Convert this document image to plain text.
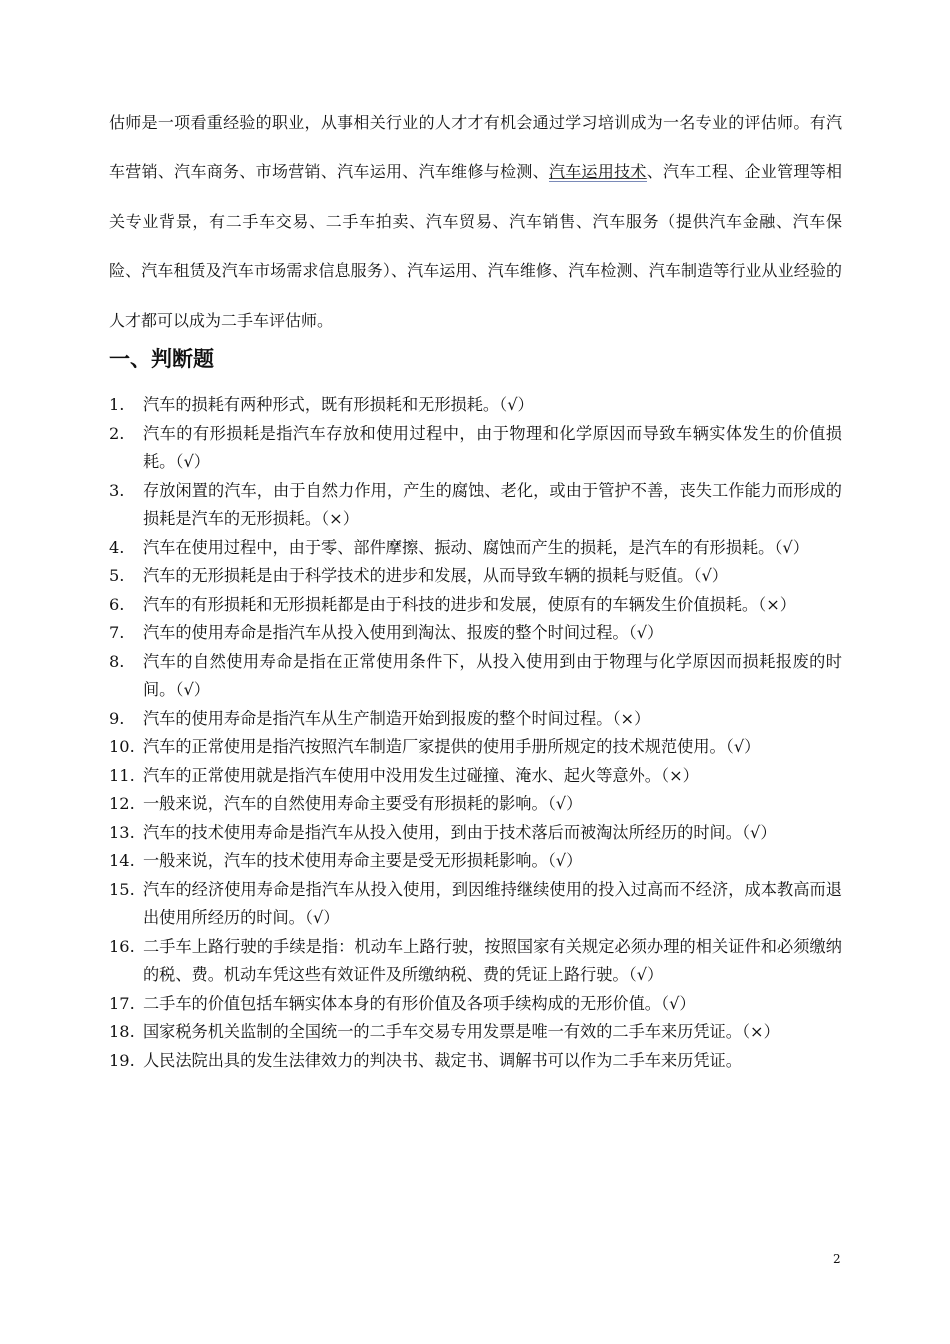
估师是一项看重经验的职业，从事相关行业的人才才有机会通过学习培训成为一名专业的评估师。有汽车营销、汽车商务、市场营销、汽车运用、汽车维修与检测、汽车运用技术、汽车工程、企业管理等相关专业背景，有二手车交易、二手车拍卖、汽车贸易、汽车销售、汽车服务（提供汽车金融、汽车保险、汽车租赁及汽车市场需求信息服务）、汽车运用、汽车维修、汽车检测、汽车制造等行业从业经验的人才都可以成为二手车评估师。

一、判断题
1.	汽车的损耗有两种形式，既有形损耗和无形损耗。（√）
2.	汽车的有形损耗是指汽车存放和使用过程中，由于物理和化学原因而导致车辆实体发生的价值损耗。（√）
3.	存放闲置的汽车，由于自然力作用，产生的腐蚀、老化，或由于管护不善，丧失工作能力而形成的损耗是汽车的无形损耗。（×）
4.	汽车在使用过程中，由于零、部件摩擦、振动、腐蚀而产生的损耗，是汽车的有形损耗。（√）
5.	汽车的无形损耗是由于科学技术的进步和发展，从而导致车辆的损耗与贬值。（√）
6.	汽车的有形损耗和无形损耗都是由于科技的进步和发展，使原有的车辆发生价值损耗。（×）
7.	汽车的使用寿命是指汽车从投入使用到淘汰、报废的整个时间过程。（√）
8.	汽车的自然使用寿命是指在正常使用条件下，从投入使用到由于物理与化学原因而损耗报废的时间。（√）
9.	汽车的使用寿命是指汽车从生产制造开始到报废的整个时间过程。（×）
10. 汽车的正常使用是指汽按照汽车制造厂家提供的使用手册所规定的技术规范使用。（√）
11. 汽车的正常使用就是指汽车使用中没用发生过碰撞、淹水、起火等意外。（×）
12. 一般来说，汽车的自然使用寿命主要受有形损耗的影响。（√）
13. 汽车的技术使用寿命是指汽车从投入使用，到由于技术落后而被淘汰所经历的时间。（√）
14. 一般来说，汽车的技术使用寿命主要是受无形损耗影响。（√）
15. 汽车的经济使用寿命是指汽车从投入使用，到因维持继续使用的投入过高而不经济，成本教高而退出使用所经历的时间。（√）
16. 二手车上路行驶的手续是指：机动车上路行驶，按照国家有关规定必须办理的相关证件和必须缴纳的税、费。机动车凭这些有效证件及所缴纳税、费的凭证上路行驶。（√）
17. 二手车的价值包括车辆实体本身的有形价值及各项手续构成的无形价值。（√）
18. 国家税务机关监制的全国统一的二手车交易专用发票是唯一有效的二手车来历凭证。（×）
19. 人民法院出具的发生法律效力的判决书、裁定书、调解书可以作为二手车来历凭证。
2
